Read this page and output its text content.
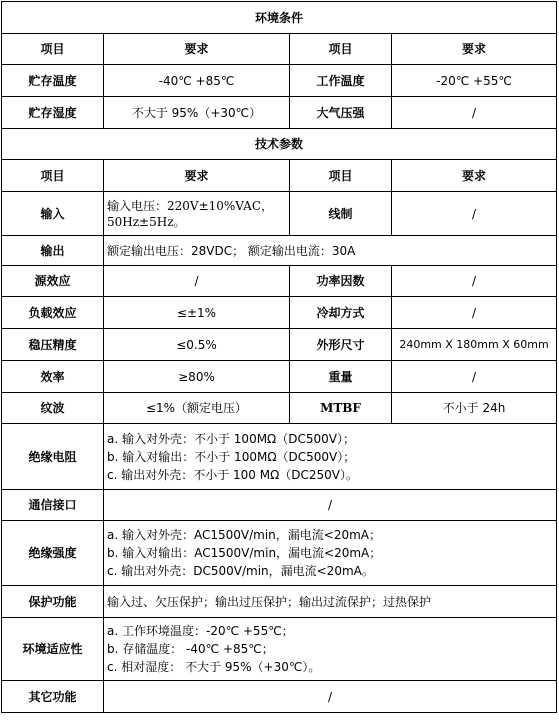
环境条件			
项目	要求	项目	要求
贮存温度	-40℃ +85℃	工作温度	-20℃ +55℃
贮存湿度	不大于 95%（+30℃）	大气压强	/
技术参数			
项目	要求	项目	要求
输入	输入电压：220V±10%VAC，50Hz±5Hz。	线制	/
输出	额定输出电压：28VDC； 额定输出电流：30A		
源效应	/	功率因数	/
负载效应	≤±1%	冷却方式	/
稳压精度	≤0.5%	外形尺寸	240mm X 180mm X 60mm
效率	≥80%	重量	/
纹波	≤1%（额定电压）	MTBF	不小于 24h
绝缘电阻	a. 输入对外壳：不小于 100MΩ（DC500V）；
b. 输入对输出：不小于 100MΩ（DC500V）；
c. 输出对外壳：不小于 100 MΩ（DC250V）。		

通信接口	/		
绝缘强度	a. 输入对外壳：AC1500V/min，漏电流<20mA；
b. 输入对输出：AC1500V/min，漏电流<20mA；
c. 输出对外壳：DC500V/min，漏电流<20mA。		

保护功能	输入过、欠压保护；输出过压保护；输出过流保护；过热保护		
环境适应性	a. 工作环境温度：-20℃ +55℃；
b. 存储温度： -40℃ +85℃；
c. 相对湿度： 不大于 95%（+30℃）。		

其它功能	/		
